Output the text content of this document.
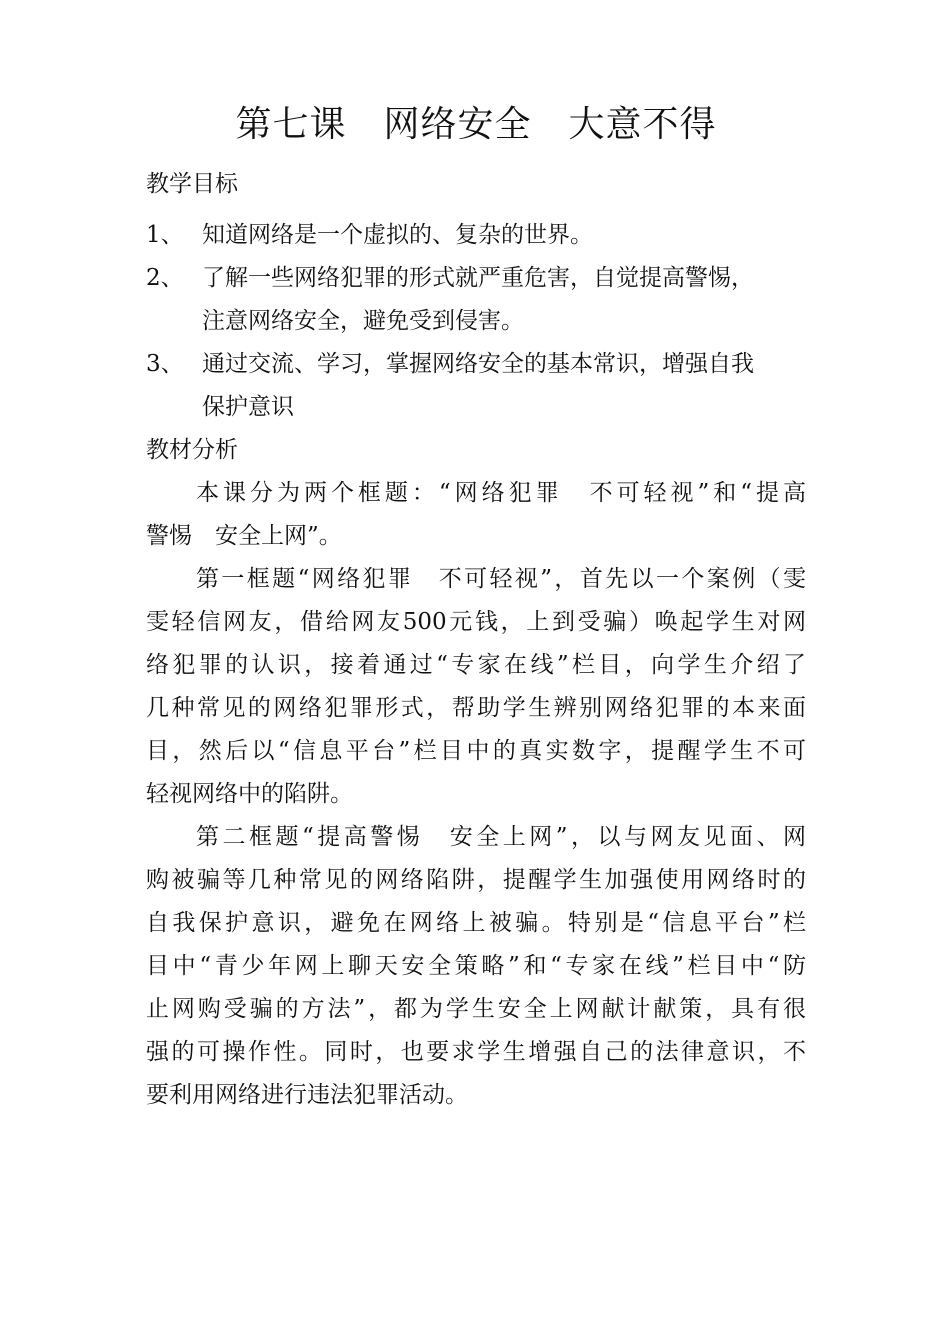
第七课　网络安全　大意不得
教学目标
1、 知道网络是一个虚拟的、复杂的世界。
2、 了解一些网络犯罪的形式就严重危害，自觉提高警惕，
注意网络安全，避免受到侵害。
3、 通过交流、学习，掌握网络安全的基本常识，增强自我
保护意识
教材分析
本课分为两个框题：“网络犯罪　不可轻视”和“提高
警惕　安全上网”。
第一框题“网络犯罪　不可轻视”，首先以一个案例（雯
雯轻信网友，借给网友500元钱，上到受骗）唤起学生对网
络犯罪的认识，接着通过“专家在线”栏目，向学生介绍了
几种常见的网络犯罪形式，帮助学生辨别网络犯罪的本来面
目，然后以“信息平台”栏目中的真实数字，提醒学生不可
轻视网络中的陷阱。
第二框题“提高警惕　安全上网”，以与网友见面、网
购被骗等几种常见的网络陷阱，提醒学生加强使用网络时的
自我保护意识，避免在网络上被骗。特别是“信息平台”栏
目中“青少年网上聊天安全策略”和“专家在线”栏目中“防
止网购受骗的方法”，都为学生安全上网献计献策，具有很
强的可操作性。同时，也要求学生增强自己的法律意识，不
要利用网络进行违法犯罪活动。
